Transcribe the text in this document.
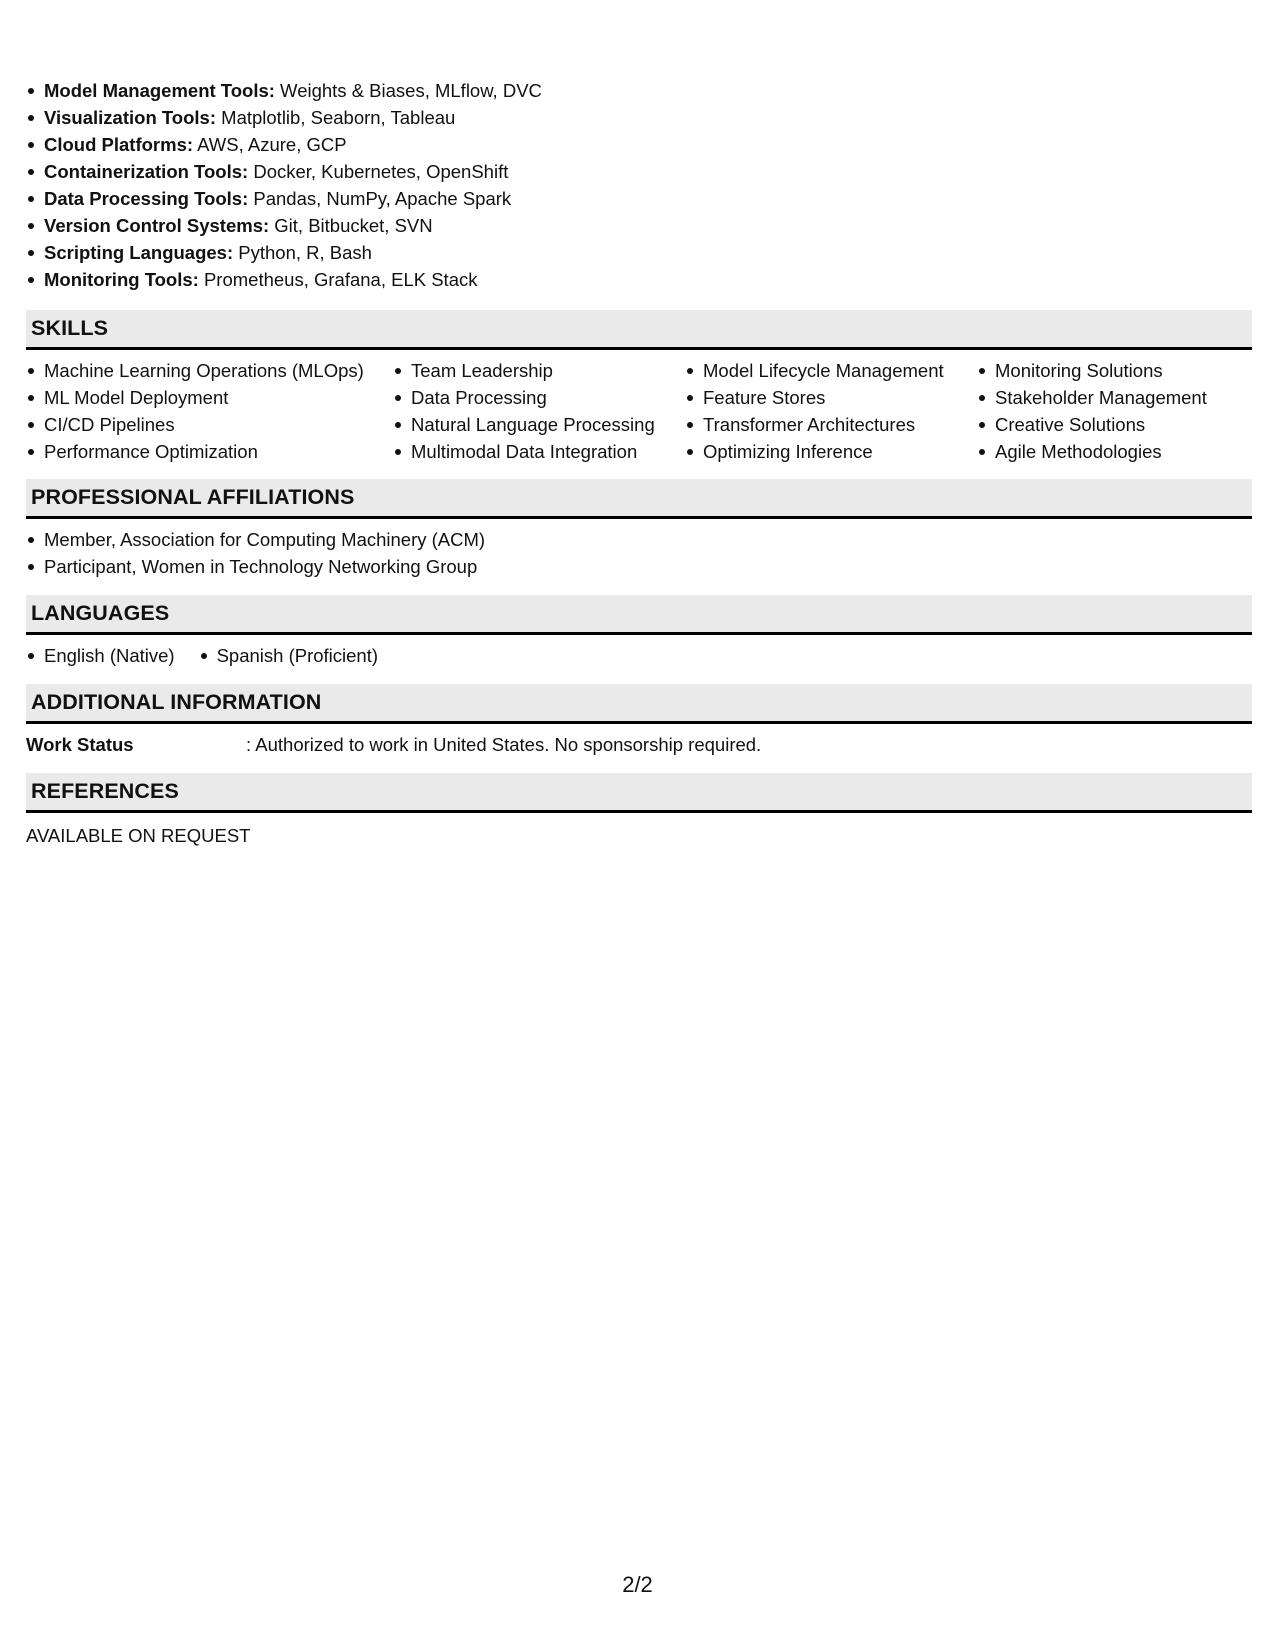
Model Management Tools: Weights & Biases, MLflow, DVC
Visualization Tools: Matplotlib, Seaborn, Tableau
Cloud Platforms: AWS, Azure, GCP
Containerization Tools: Docker, Kubernetes, OpenShift
Data Processing Tools: Pandas, NumPy, Apache Spark
Version Control Systems: Git, Bitbucket, SVN
Scripting Languages: Python, R, Bash
Monitoring Tools: Prometheus, Grafana, ELK Stack
SKILLS
Machine Learning Operations (MLOps)
ML Model Deployment
CI/CD Pipelines
Performance Optimization
Team Leadership
Data Processing
Natural Language Processing
Multimodal Data Integration
Model Lifecycle Management
Feature Stores
Transformer Architectures
Optimizing Inference
Monitoring Solutions
Stakeholder Management
Creative Solutions
Agile Methodologies
PROFESSIONAL AFFILIATIONS
Member, Association for Computing Machinery (ACM)
Participant, Women in Technology Networking Group
LANGUAGES
English (Native)	Spanish (Proficient)
ADDITIONAL INFORMATION
Work Status	: Authorized to work in United States. No sponsorship required.
REFERENCES
AVAILABLE ON REQUEST
2/2
